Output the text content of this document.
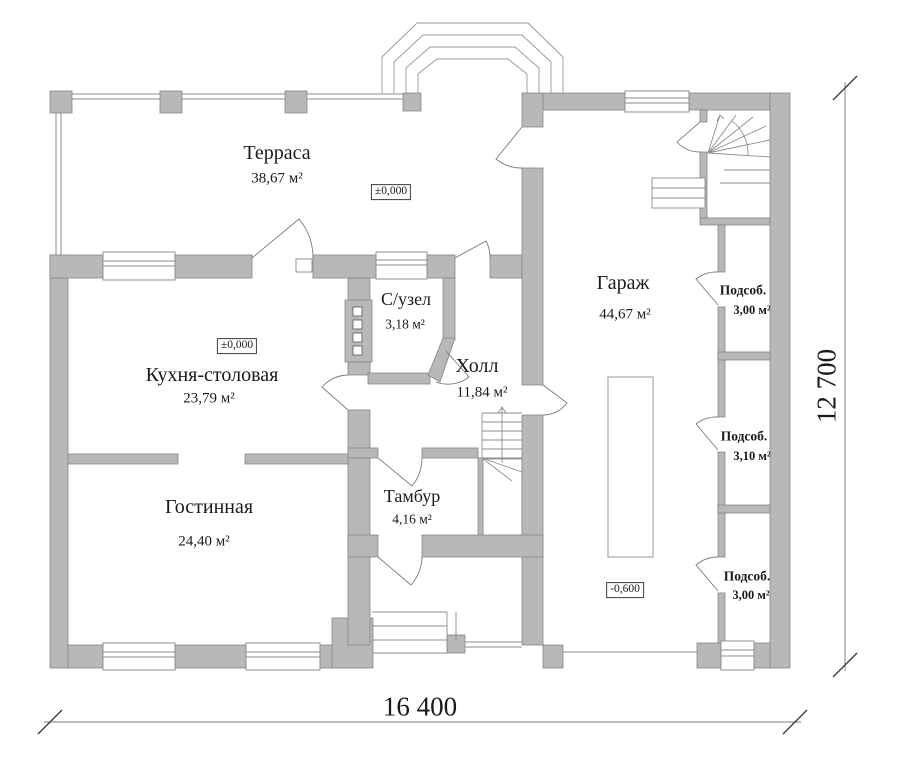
Терраса
38,67 м²
Кухня-столовая
23,79 м²
Гостинная
24,40 м²
С/узел
3,18 м²
Холл
11,84 м²
Тамбур
4,16 м²
Гараж
44,67 м²
Подсоб.
3,00 м²
Подсоб.
3,10 м²
Подсоб.
3,00 м²
±0,000
±0,000
-0,600
16 400
12 700
